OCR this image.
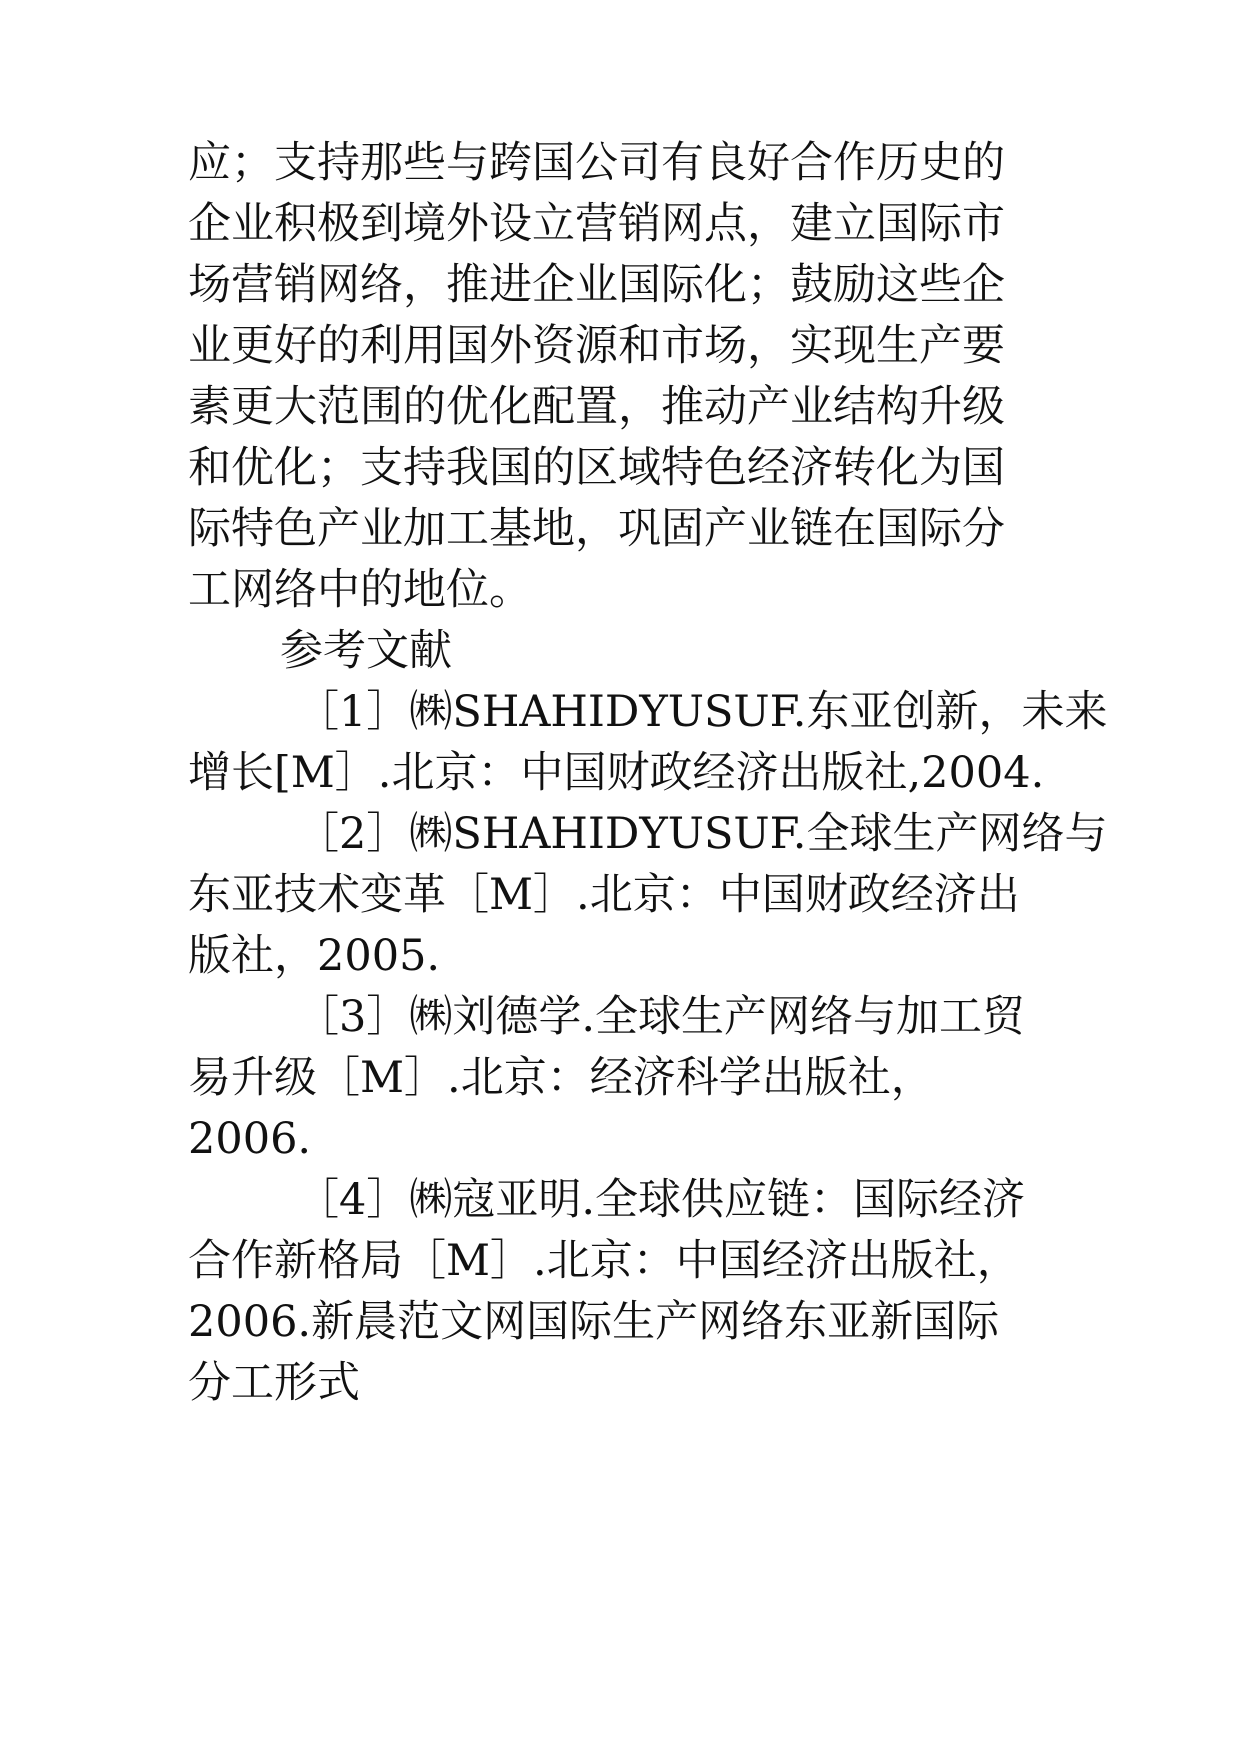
应；支持那些与跨国公司有良好合作历史的
企业积极到境外设立营销网点，建立国际市
场营销网络，推进企业国际化；鼓励这些企
业更好的利用国外资源和市场，实现生产要
素更大范围的优化配置，推动产业结构升级
和优化；支持我国的区域特色经济转化为国
际特色产业加工基地，巩固产业链在国际分
工网络中的地位。
参考文献
［1］㈱SHAHIDYUSUF.东亚创新，未来
增长[M］.北京：中国财政经济出版社,2004.
［2］㈱SHAHIDYUSUF.全球生产网络与
东亚技术变革［M］.北京：中国财政经济出
版社，2005.
［3］㈱刘德学.全球生产网络与加工贸
易升级［M］.北京：经济科学出版社，
2006.
［4］㈱寇亚明.全球供应链：国际经济
合作新格局［M］.北京：中国经济出版社，
2006.新晨范文网国际生产网络东亚新国际
分工形式
